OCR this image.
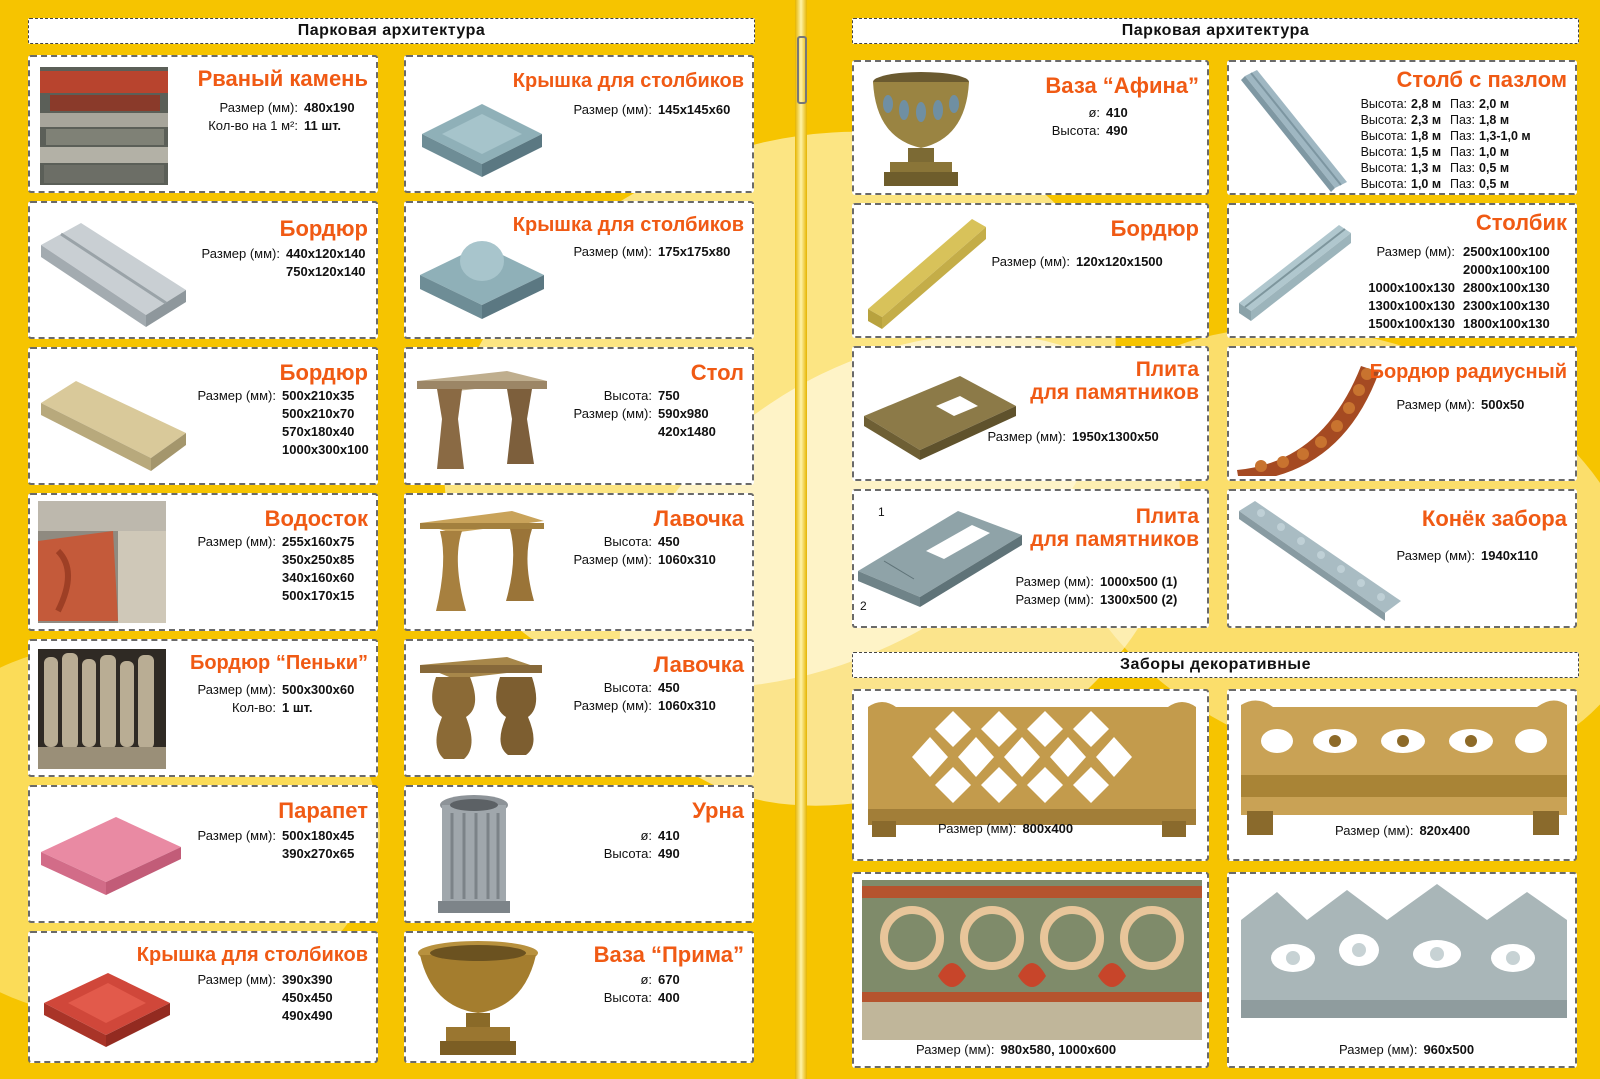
Парковая архитектура
Рваный камень
Размер (мм): 480х190
Кол-во на 1 м²: 11 шт.
Крышка для столбиков
Размер (мм): 145х145х60
Бордюр
Размер (мм): 440х120х140
750х120х140
Крышка для столбиков
Размер (мм): 175х175х80
Бордюр
Размер (мм): 500х210х35
500х210х70
570х180х40
1000х300х100
Стол
Высота: 750
Размер (мм): 590х980
420х1480
Водосток
Размер (мм): 255х160х75
350х250х85
340х160х60
500х170х15
Лавочка
Высота: 450
Размер (мм): 1060х310
Бордюр “Пеньки”
Размер (мм): 500х300х60
Кол-во: 1 шт.
Лавочка
Высота: 450
Размер (мм): 1060х310
Парапет
Размер (мм): 500х180х45
390х270х65
Урна
ø: 410
Высота: 490
Крышка для столбиков
Размер (мм): 390х390
450х450
490х490
Ваза “Прима”
ø: 670
Высота: 400
Парковая архитектура
Ваза “Афина”
ø: 410
Высота: 490
Столб с пазлом
Высота: 2,8 м Паз: 2,0 м
Высота: 2,3 м Паз: 1,8 м
Высота: 1,8 м Паз: 1,3-1,0 м
Высота: 1,5 м Паз: 1,0 м
Высота: 1,3 м Паз: 0,5 м
Высота: 1,0 м Паз: 0,5 м
Бордюр
Размер (мм): 120х120х1500
Столбик
Размер (мм): 2500х100х100
2000х100х100
1000х100х130 2800х100х130
1300х100х130 2300х100х130
1500х100х130 1800х100х130
Плита
для памятников
Размер (мм): 1950х1300х50
Бордюр радиусный
Размер (мм): 500х50
1
2
Плита
для памятников
Размер (мм): 1000х500 (1)
Размер (мм): 1300х500 (2)
Конёк забора
Размер (мм): 1940х110
Заборы декоративные
Размер (мм): 800х400	Размер (мм): 820х400
Размер (мм): 980х580, 1000х600	Размер (мм): 960х500
